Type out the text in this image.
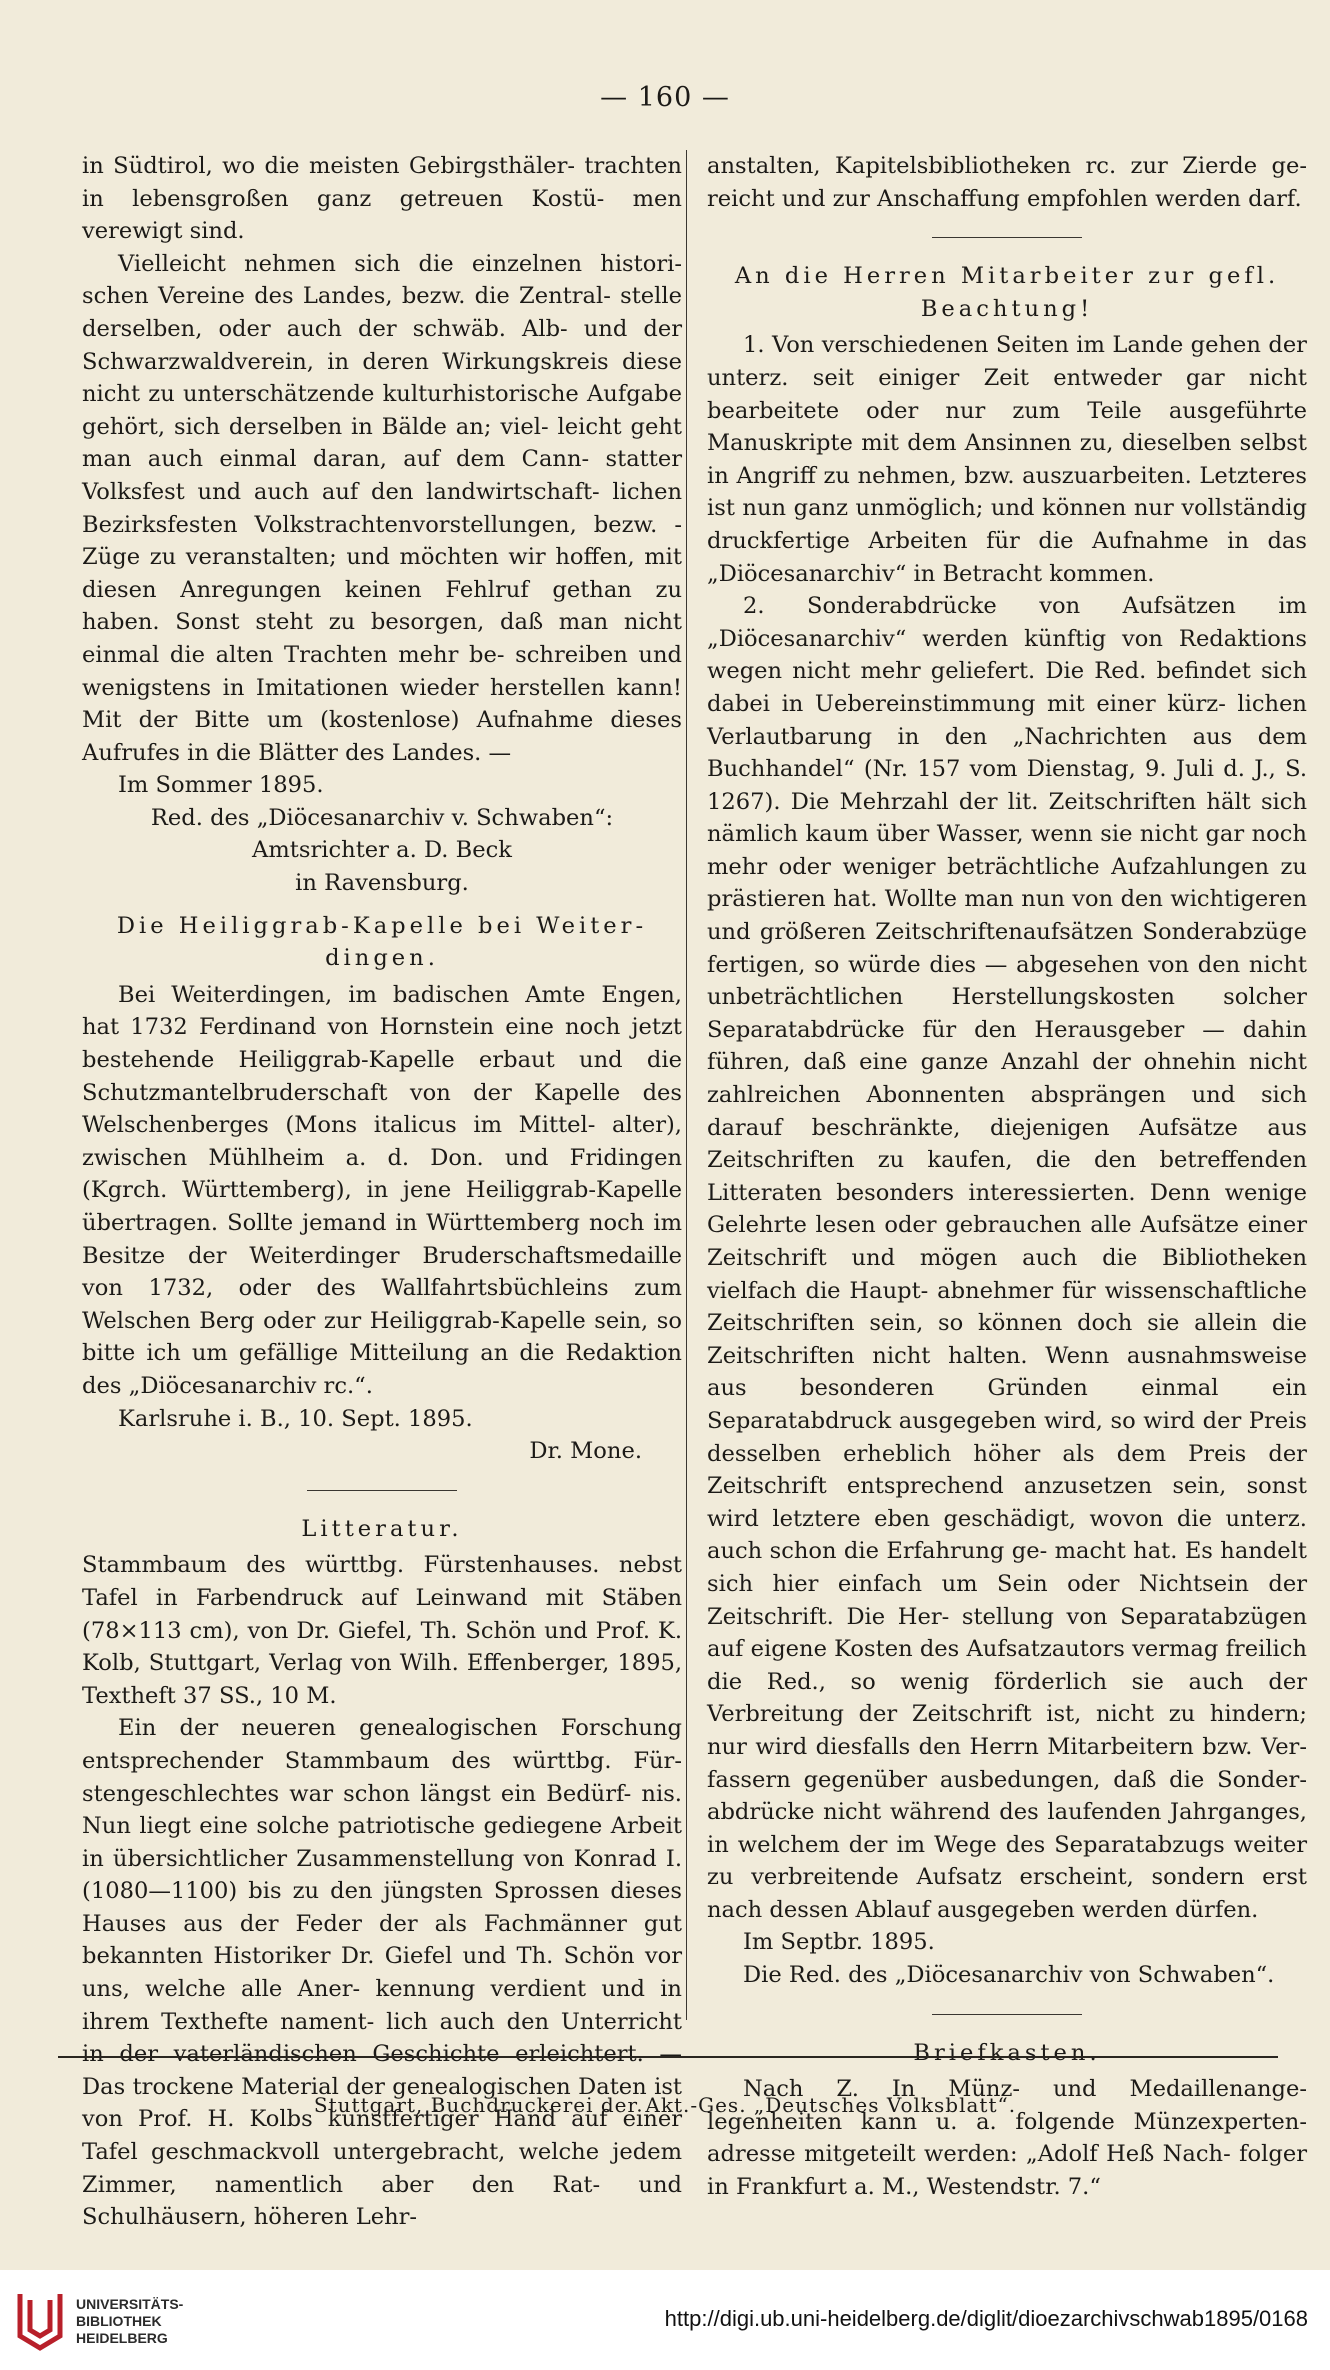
— 160 —

in Südtirol, wo die meisten Gebirgsthäler- trachten in lebensgroßen ganz getreuen Kostü- men verewigt sind.

Vielleicht nehmen sich die einzelnen histori- schen Vereine des Landes, bezw. die Zentral- stelle derselben, oder auch der schwäb. Alb- und der Schwarzwaldverein, in deren Wirkungskreis diese nicht zu unterschätzende kulturhistorische Aufgabe gehört, sich derselben in Bälde an; viel- leicht geht man auch einmal daran, auf dem Cann- statter Volksfest und auch auf den landwirtschaft- lichen Bezirksfesten Volkstrachtenvorstellungen, bezw. -Züge zu veranstalten; und möchten wir hoffen, mit diesen Anregungen keinen Fehlruf gethan zu haben. Sonst steht zu besorgen, daß man nicht einmal die alten Trachten mehr be- schreiben und wenigstens in Imitationen wieder herstellen kann! Mit der Bitte um (kostenlose) Aufnahme dieses Aufrufes in die Blätter des Landes. —

Im Sommer 1895.

Red. des „Diöcesanarchiv v. Schwaben“:

Amtsrichter a. D. Beck

in Ravensburg.

Die Heiliggrab-Kapelle bei Weiter- dingen.

Bei Weiterdingen, im badischen Amte Engen, hat 1732 Ferdinand von Hornstein eine noch jetzt bestehende Heiliggrab-Kapelle erbaut und die Schutzmantelbruderschaft von der Kapelle des Welschenberges (Mons italicus im Mittel- alter), zwischen Mühlheim a. d. Don. und Fridingen (Kgrch. Württemberg), in jene Heiliggrab-Kapelle übertragen. Sollte jemand in Württemberg noch im Besitze der Weiterdinger Bruderschaftsmedaille von 1732, oder des Wallfahrtsbüchleins zum Welschen Berg oder zur Heiliggrab-Kapelle sein, so bitte ich um gefällige Mitteilung an die Redaktion des „Diöcesanarchiv rc.“.

Karlsruhe i. B., 10. Sept. 1895.

Dr. Mone.

Litteratur.

Stammbaum des württbg. Fürstenhauses. nebst Tafel in Farbendruck auf Leinwand mit Stäben (78×113 cm), von Dr. Giefel, Th. Schön und Prof. K. Kolb, Stuttgart, Verlag von Wilh. Effenberger, 1895, Textheft 37 SS., 10 M.

Ein der neueren genealogischen Forschung entsprechender Stammbaum des württbg. Für- stengeschlechtes war schon längst ein Bedürf- nis. Nun liegt eine solche patriotische gediegene Arbeit in übersichtlicher Zusammenstellung von Konrad I. (1080—1100) bis zu den jüngsten Sprossen dieses Hauses aus der Feder der als Fachmänner gut bekannten Historiker Dr. Giefel und Th. Schön vor uns, welche alle Aner- kennung verdient und in ihrem Texthefte nament- lich auch den Unterricht in der vaterländischen Geschichte erleichtert. — Das trockene Material der genealogischen Daten ist von Prof. H. Kolbs kunstfertiger Hand auf einer Tafel geschmackvoll untergebracht, welche jedem Zimmer, namentlich aber den Rat- und Schulhäusern, höheren Lehr-

anstalten, Kapitelsbibliotheken rc. zur Zierde ge- reicht und zur Anschaffung empfohlen werden darf.

An die Herren Mitarbeiter zur gefl. Beachtung!

1. Von verschiedenen Seiten im Lande gehen der unterz. seit einiger Zeit entweder gar nicht bearbeitete oder nur zum Teile ausgeführte Manuskripte mit dem Ansinnen zu, dieselben selbst in Angriff zu nehmen, bzw. auszuarbeiten. Letzteres ist nun ganz unmöglich; und können nur vollständig druckfertige Arbeiten für die Aufnahme in das „Diöcesanarchiv“ in Betracht kommen.

2. Sonderabdrücke von Aufsätzen im „Diöcesanarchiv“ werden künftig von Redaktions wegen nicht mehr geliefert. Die Red. befindet sich dabei in Uebereinstimmung mit einer kürz- lichen Verlautbarung in den „Nachrichten aus dem Buchhandel“ (Nr. 157 vom Dienstag, 9. Juli d. J., S. 1267). Die Mehrzahl der lit. Zeitschriften hält sich nämlich kaum über Wasser, wenn sie nicht gar noch mehr oder weniger beträchtliche Aufzahlungen zu prästieren hat. Wollte man nun von den wichtigeren und größeren Zeitschriftenaufsätzen Sonderabzüge fertigen, so würde dies — abgesehen von den nicht unbeträchtlichen Herstellungskosten solcher Separatabdrücke für den Herausgeber — dahin führen, daß eine ganze Anzahl der ohnehin nicht zahlreichen Abonnenten absprängen und sich darauf beschränkte, diejenigen Aufsätze aus Zeitschriften zu kaufen, die den betreffenden Litteraten besonders interessierten. Denn wenige Gelehrte lesen oder gebrauchen alle Aufsätze einer Zeitschrift und mögen auch die Bibliotheken vielfach die Haupt- abnehmer für wissenschaftliche Zeitschriften sein, so können doch sie allein die Zeitschriften nicht halten. Wenn ausnahmsweise aus besonderen Gründen einmal ein Separatabdruck ausgegeben wird, so wird der Preis desselben erheblich höher als dem Preis der Zeitschrift entsprechend anzusetzen sein, sonst wird letztere eben geschädigt, wovon die unterz. auch schon die Erfahrung ge- macht hat. Es handelt sich hier einfach um Sein oder Nichtsein der Zeitschrift. Die Her- stellung von Separatabzügen auf eigene Kosten des Aufsatzautors vermag freilich die Red., so wenig förderlich sie auch der Verbreitung der Zeitschrift ist, nicht zu hindern; nur wird diesfalls den Herrn Mitarbeitern bzw. Ver- fassern gegenüber ausbedungen, daß die Sonder- abdrücke nicht während des laufenden Jahrganges, in welchem der im Wege des Separatabzugs weiter zu verbreitende Aufsatz erscheint, sondern erst nach dessen Ablauf ausgegeben werden dürfen.

Im Septbr. 1895.

Die Red. des „Diöcesanarchiv von Schwaben“.

Briefkasten.

Nach Z. In Münz- und Medaillenange- legenheiten kann u. a. folgende Münzexperten- adresse mitgeteilt werden: „Adolf Heß Nach- folger in Frankfurt a. M., Westendstr. 7.“

Stuttgart, Buchdruckerei der Akt.-Ges. „Deutsches Volksblatt“.
UNIVERSITÄTS-
BIBLIOTHEK
HEIDELBERG
http://digi.ub.uni-heidelberg.de/diglit/dioezarchivschwab1895/0168
